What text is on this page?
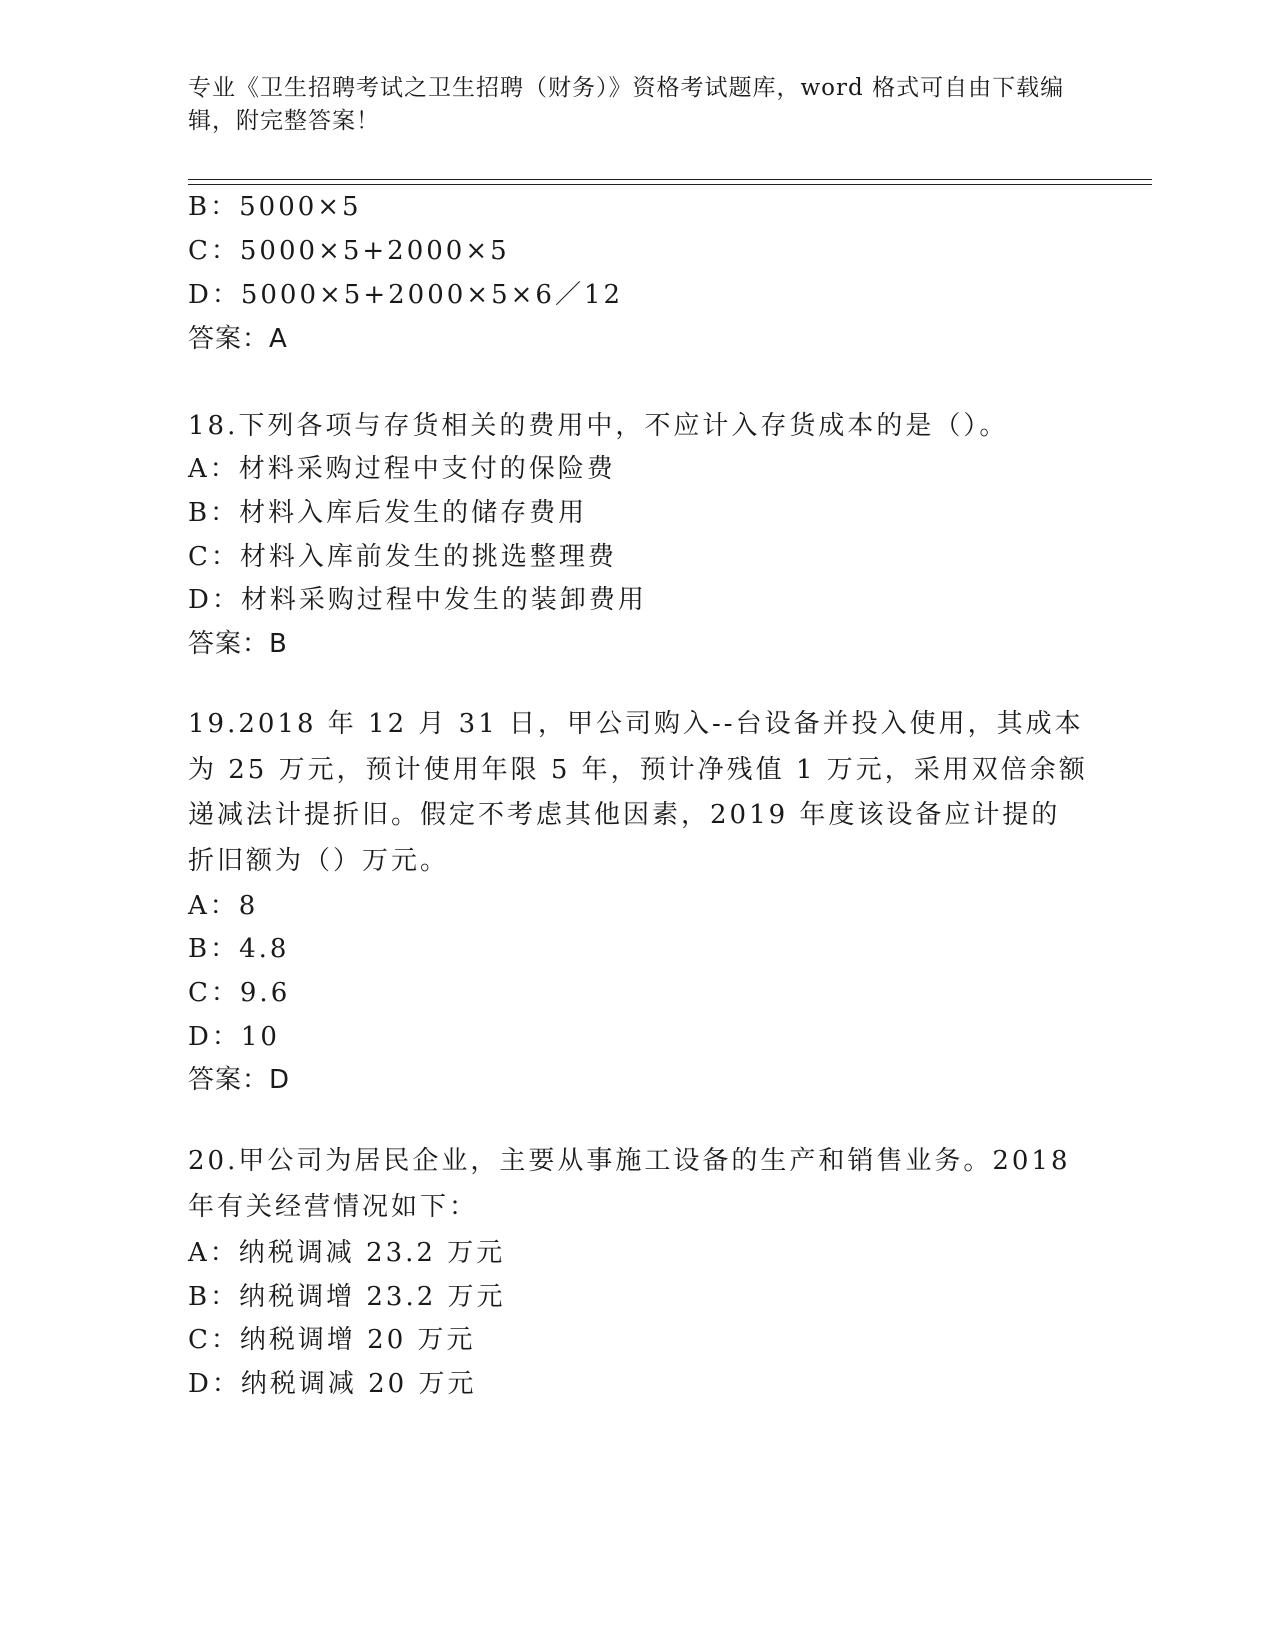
专业《卫生招聘考试之卫生招聘（财务）》资格考试题库，word 格式可自由下载编辑，附完整答案！
B：5000×5
C：5000×5+2000×5
D：5000×5+2000×5×6／12
答案：A
18.下列各项与存货相关的费用中，不应计入存货成本的是（）。
A：材料采购过程中支付的保险费
B：材料入库后发生的储存费用
C：材料入库前发生的挑选整理费
D：材料采购过程中发生的装卸费用
答案：B
19.2018 年 12 月 31 日，甲公司购入--台设备并投入使用，其成本为 25 万元，预计使用年限 5 年，预计净残值 1 万元，采用双倍余额递减法计提折旧。假定不考虑其他因素，2019 年度该设备应计提的折旧额为（）万元。
A：8
B：4.8
C：9.6
D：10
答案：D
20.甲公司为居民企业，主要从事施工设备的生产和销售业务。2018 年有关经营情况如下：
A：纳税调减 23.2 万元
B：纳税调增 23.2 万元
C：纳税调增 20 万元
D：纳税调减 20 万元
